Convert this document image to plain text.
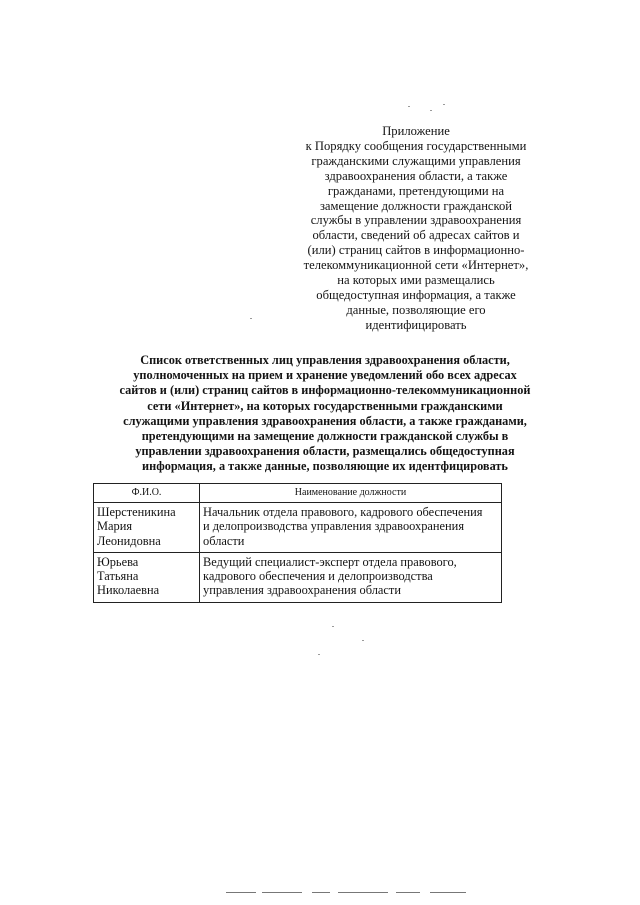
Приложение
к Порядку сообщения государственными
гражданскими служащими управления
здравоохранения области, а также
гражданами, претендующими на
замещение должности гражданской
службы в управлении здравоохранения
области, сведений об адресах сайтов и
(или) страниц сайтов в информационно-
телекоммуникационной сети «Интернет»,
на которых ими размещались
общедоступная информация, а также
данные, позволяющие его
идентифицировать
Список ответственных лиц управления здравоохранения области,
уполномоченных на прием и хранение уведомлений обо всех адресах
сайтов и (или) страниц сайтов в информационно-телекоммуникационной
сети «Интернет», на которых государственными гражданскими
служащими управления здравоохранения области, а также гражданами,
претендующими на замещение должности гражданской службы в
управлении здравоохранения области, размещались общедоступная
информация, а также данные, позволяющие их идентфицировать
Ф.И.О.	Наименование должности

Шерстеникина
Мария
Леонидовна	Начальник отдела правового, кадрового обеспечения
и делопроизводства управления здравоохранения
области

Юрьева
Татьяна
Николаевна	Ведущий специалист-эксперт отдела правового,
кадрового обеспечения и делопроизводства
управления здравоохранения области
